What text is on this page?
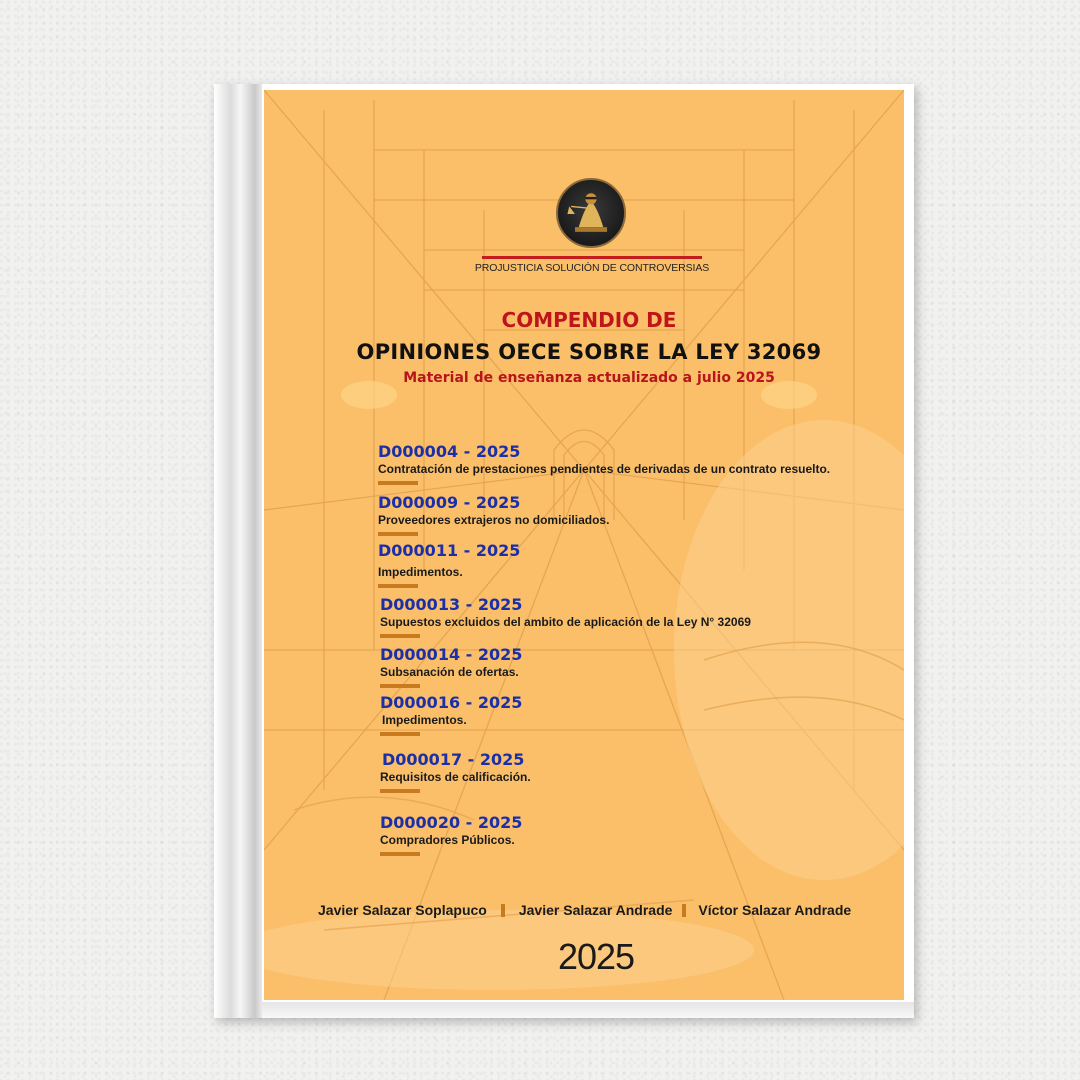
PROJUSTICIA SOLUCIÓN DE CONTROVERSIAS
COMPENDIO DE
OPINIONES OECE SOBRE LA LEY 32069
Material de enseñanza actualizado a julio 2025
D000004 - 2025
Contratación de prestaciones pendientes de derivadas de un contrato resuelto.
D000009 - 2025
Proveedores extrajeros no domiciliados.
D000011 - 2025
Impedimentos.
D000013 - 2025
Supuestos excluidos del ambito de aplicación de la Ley N° 32069
D000014 - 2025
Subsanación de ofertas.
D000016 - 2025
Impedimentos.
D000017 - 2025
Requisitos de calificación.
D000020 - 2025
Compradores Públicos.
Javier Salazar Soplapuco Javier Salazar Andrade Víctor Salazar Andrade
2025
